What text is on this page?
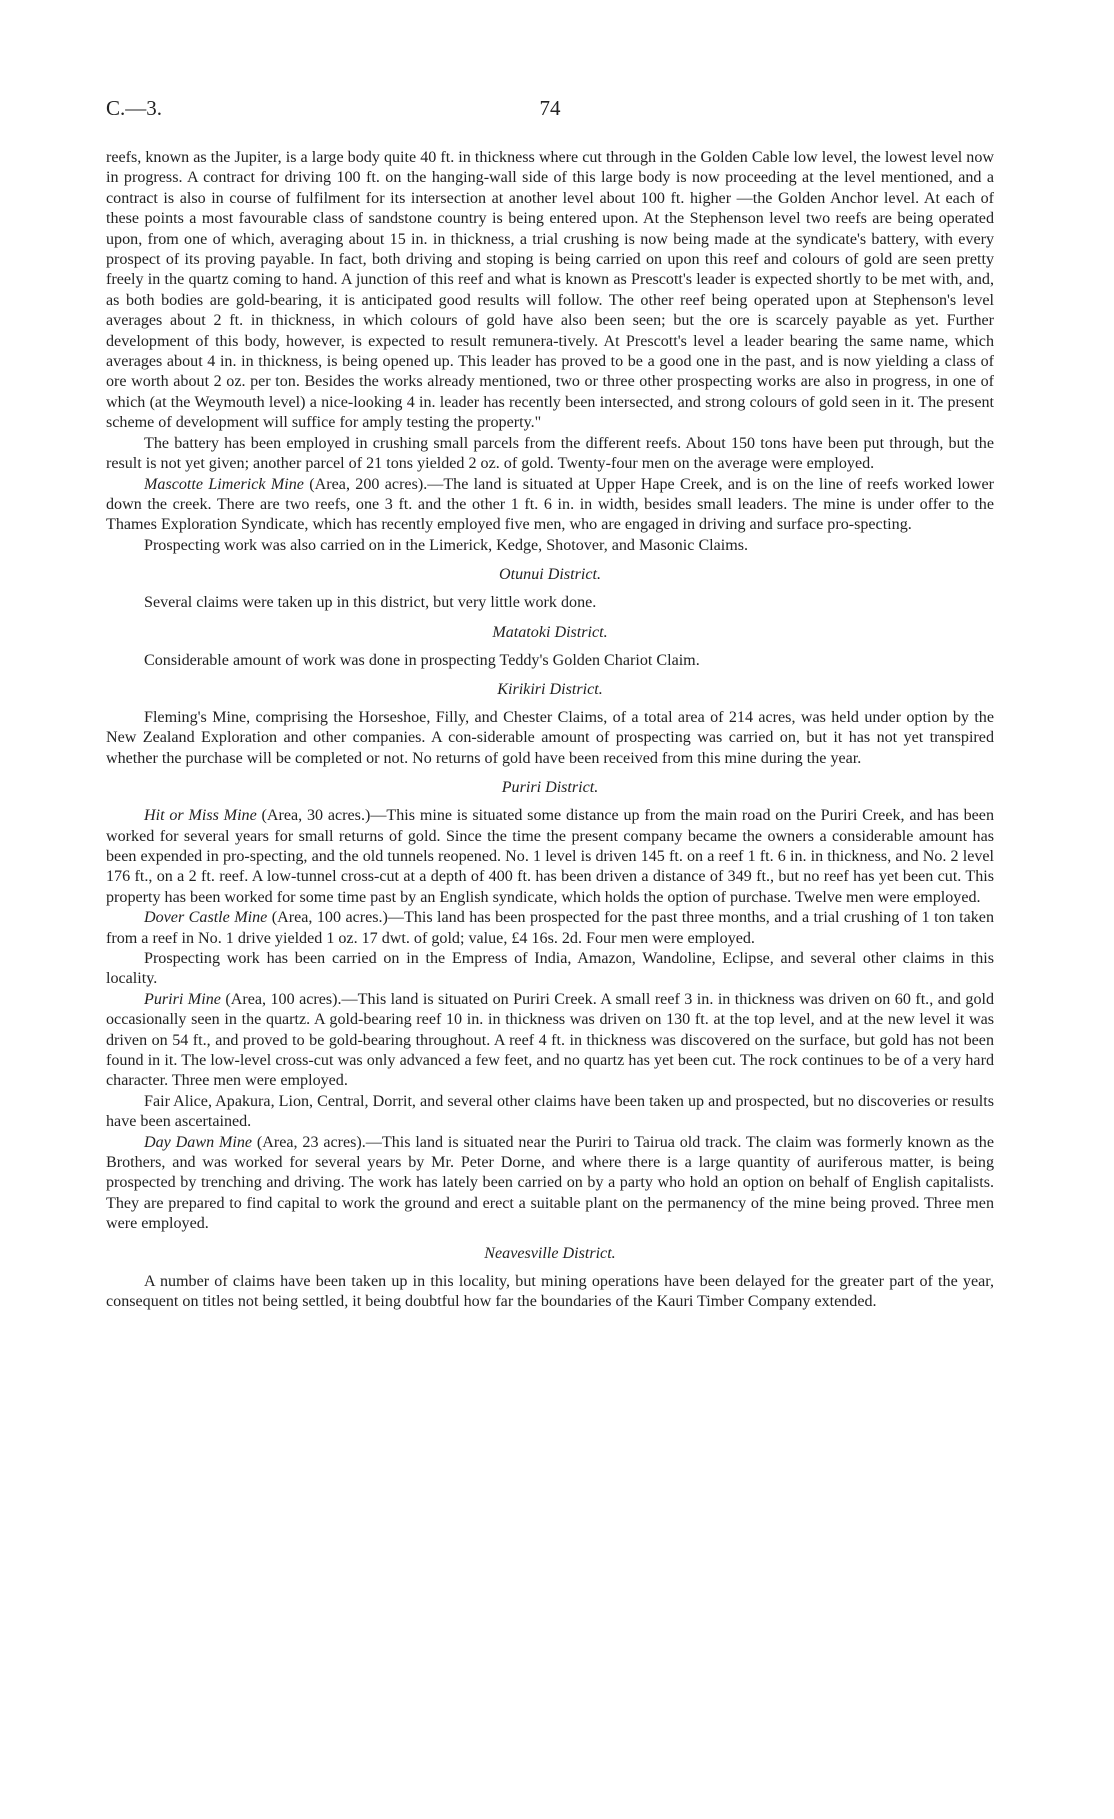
C.—3.	74

reefs, known as the Jupiter, is a large body quite 40 ft. in thickness where cut through in the Golden Cable low level, the lowest level now in progress. A contract for driving 100 ft. on the hanging-wall side of this large body is now proceeding at the level mentioned, and a contract is also in course of fulfilment for its intersection at another level about 100 ft. higher —the Golden Anchor level. At each of these points a most favourable class of sandstone country is being entered upon. At the Stephenson level two reefs are being operated upon, from one of which, averaging about 15 in. in thickness, a trial crushing is now being made at the syndicate's battery, with every prospect of its proving payable. In fact, both driving and stoping is being carried on upon this reef and colours of gold are seen pretty freely in the quartz coming to hand. A junction of this reef and what is known as Prescott's leader is expected shortly to be met with, and, as both bodies are gold-bearing, it is anticipated good results will follow. The other reef being operated upon at Stephenson's level averages about 2 ft. in thickness, in which colours of gold have also been seen; but the ore is scarcely payable as yet. Further development of this body, however, is expected to result remunera-tively. At Prescott's level a leader bearing the same name, which averages about 4 in. in thickness, is being opened up. This leader has proved to be a good one in the past, and is now yielding a class of ore worth about 2 oz. per ton. Besides the works already mentioned, two or three other prospecting works are also in progress, in one of which (at the Weymouth level) a nice-looking 4 in. leader has recently been intersected, and strong colours of gold seen in it. The present scheme of development will suffice for amply testing the property."

The battery has been employed in crushing small parcels from the different reefs. About 150 tons have been put through, but the result is not yet given; another parcel of 21 tons yielded 2 oz. of gold. Twenty-four men on the average were employed.

Mascotte Limerick Mine (Area, 200 acres).—The land is situated at Upper Hape Creek, and is on the line of reefs worked lower down the creek. There are two reefs, one 3 ft. and the other 1 ft. 6 in. in width, besides small leaders. The mine is under offer to the Thames Exploration Syndicate, which has recently employed five men, who are engaged in driving and surface pro-specting.

Prospecting work was also carried on in the Limerick, Kedge, Shotover, and Masonic Claims.

Otunui District.

Several claims were taken up in this district, but very little work done.

Matatoki District.

Considerable amount of work was done in prospecting Teddy's Golden Chariot Claim.

Kirikiri District.

Fleming's Mine, comprising the Horseshoe, Filly, and Chester Claims, of a total area of 214 acres, was held under option by the New Zealand Exploration and other companies. A con-siderable amount of prospecting was carried on, but it has not yet transpired whether the purchase will be completed or not. No returns of gold have been received from this mine during the year.

Puriri District.

Hit or Miss Mine (Area, 30 acres.)—This mine is situated some distance up from the main road on the Puriri Creek, and has been worked for several years for small returns of gold. Since the time the present company became the owners a considerable amount has been expended in pro-specting, and the old tunnels reopened. No. 1 level is driven 145 ft. on a reef 1 ft. 6 in. in thickness, and No. 2 level 176 ft., on a 2 ft. reef. A low-tunnel cross-cut at a depth of 400 ft. has been driven a distance of 349 ft., but no reef has yet been cut. This property has been worked for some time past by an English syndicate, which holds the option of purchase. Twelve men were employed.

Dover Castle Mine (Area, 100 acres.)—This land has been prospected for the past three months, and a trial crushing of 1 ton taken from a reef in No. 1 drive yielded 1 oz. 17 dwt. of gold; value, £4 16s. 2d. Four men were employed.

Prospecting work has been carried on in the Empress of India, Amazon, Wandoline, Eclipse, and several other claims in this locality.

Puriri Mine (Area, 100 acres).—This land is situated on Puriri Creek. A small reef 3 in. in thickness was driven on 60 ft., and gold occasionally seen in the quartz. A gold-bearing reef 10 in. in thickness was driven on 130 ft. at the top level, and at the new level it was driven on 54 ft., and proved to be gold-bearing throughout. A reef 4 ft. in thickness was discovered on the surface, but gold has not been found in it. The low-level cross-cut was only advanced a few feet, and no quartz has yet been cut. The rock continues to be of a very hard character. Three men were employed.

Fair Alice, Apakura, Lion, Central, Dorrit, and several other claims have been taken up and prospected, but no discoveries or results have been ascertained.

Day Dawn Mine (Area, 23 acres).—This land is situated near the Puriri to Tairua old track. The claim was formerly known as the Brothers, and was worked for several years by Mr. Peter Dorne, and where there is a large quantity of auriferous matter, is being prospected by trenching and driving. The work has lately been carried on by a party who hold an option on behalf of English capitalists. They are prepared to find capital to work the ground and erect a suitable plant on the permanency of the mine being proved. Three men were employed.

Neavesville District.

A number of claims have been taken up in this locality, but mining operations have been delayed for the greater part of the year, consequent on titles not being settled, it being doubtful how far the boundaries of the Kauri Timber Company extended.
